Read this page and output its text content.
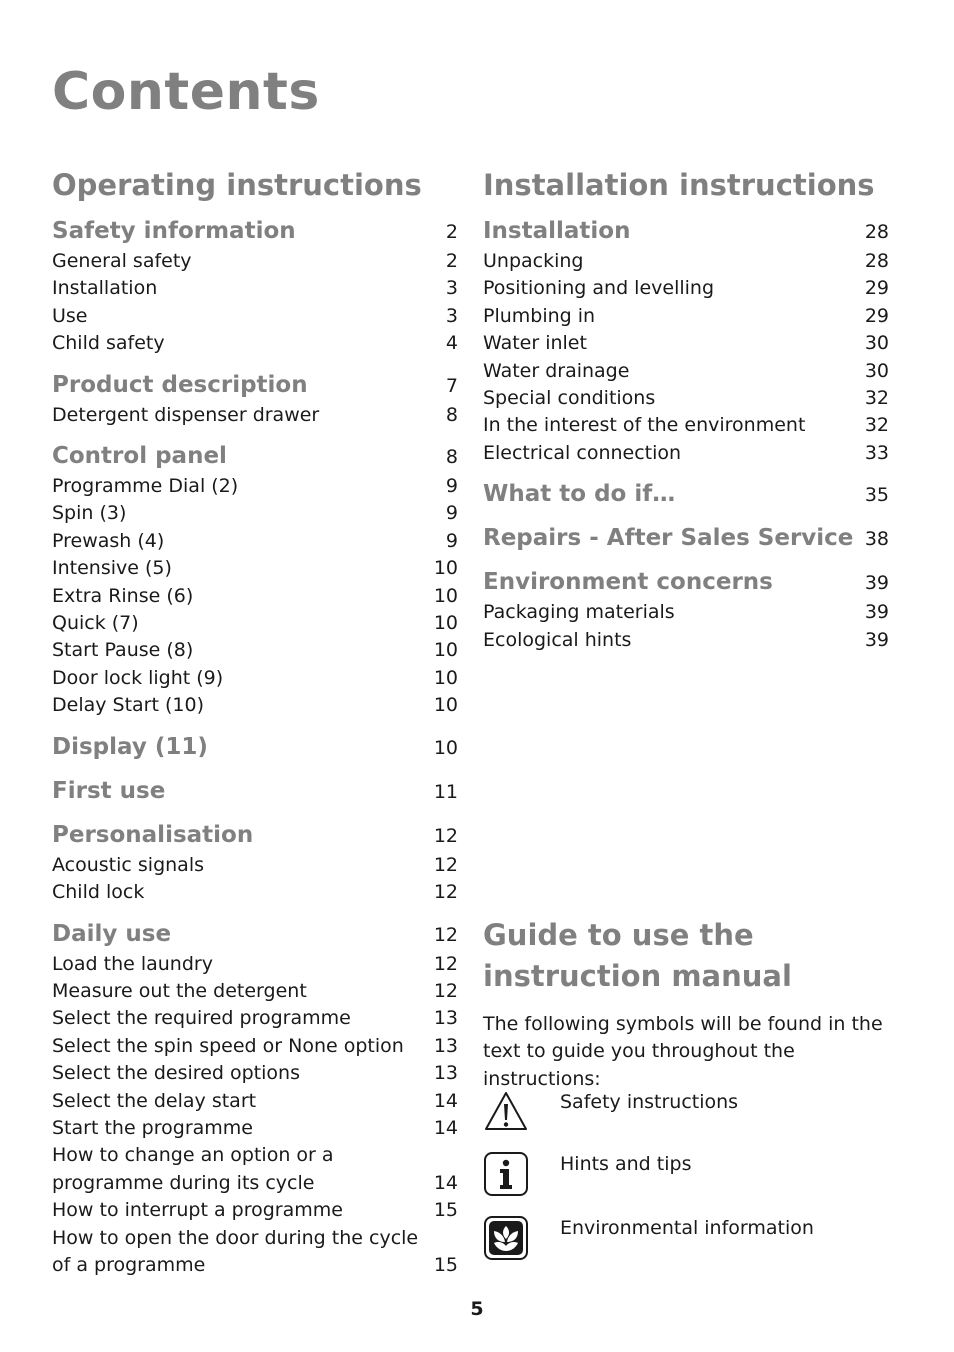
Contents
Operating instructions
Safety information	2
General safety	2
Installation	3
Use	3
Child safety	4
Product description	7
Detergent dispenser drawer	8
Control panel	8
Programme Dial (2)	9
Spin (3)	9
Prewash (4)	9
Intensive (5)	10
Extra Rinse (6)	10
Quick (7)	10
Start Pause (8)	10
Door lock light (9)	10
Delay Start (10)	10
Display (11)	10
First use	11
Personalisation	12
Acoustic signals	12
Child lock	12
Daily use	12
Load the laundry	12
Measure out the detergent	12
Select the required programme	13
Select the spin speed or None option	13
Select the desired options	13
Select the delay start	14
Start the programme	14
How to change an option or a programme during its cycle	14
How to interrupt a programme	15
How to open the door during the cycle of a programme	15
Installation instructions
Installation	28
Unpacking	28
Positioning and levelling	29
Plumbing in	29
Water inlet	30
Water drainage	30
Special conditions	32
In the interest of the environment	32
Electrical connection	33
What to do if…	35
Repairs - After Sales Service 38
Environment concerns	39
Packaging materials	39
Ecological hints	39
Guide to use the instruction manual

The following symbols will be found in the text to guide you throughout the instructions:

Safety instructions
Hints and tips
Environmental information
5
